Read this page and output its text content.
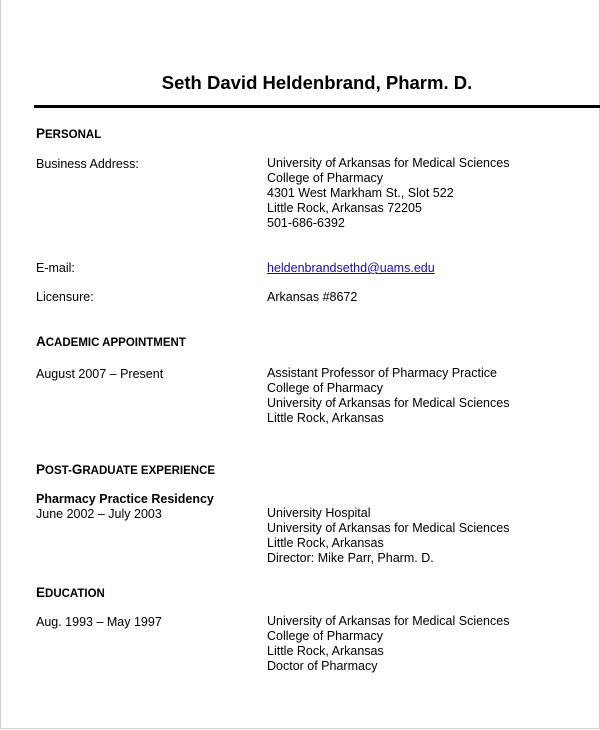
Seth David Heldenbrand, Pharm. D.
PERSONAL
Business Address:	University of Arkansas for Medical Sciences
College of Pharmacy
4301 West Markham St., Slot 522
Little Rock, Arkansas 72205
501-686-6392
E-mail:	heldenbrandsethd@uams.edu
Licensure:	Arkansas #8672
ACADEMIC APPOINTMENT
August 2007 – Present	Assistant Professor of Pharmacy Practice
College of Pharmacy
University of Arkansas for Medical Sciences
Little Rock, Arkansas
POST-GRADUATE EXPERIENCE
Pharmacy Practice Residency
June 2002 – July 2003	University Hospital
University of Arkansas for Medical Sciences
Little Rock, Arkansas
Director: Mike Parr, Pharm. D.
EDUCATION
Aug. 1993 – May 1997	University of Arkansas for Medical Sciences
College of Pharmacy
Little Rock, Arkansas
Doctor of Pharmacy
